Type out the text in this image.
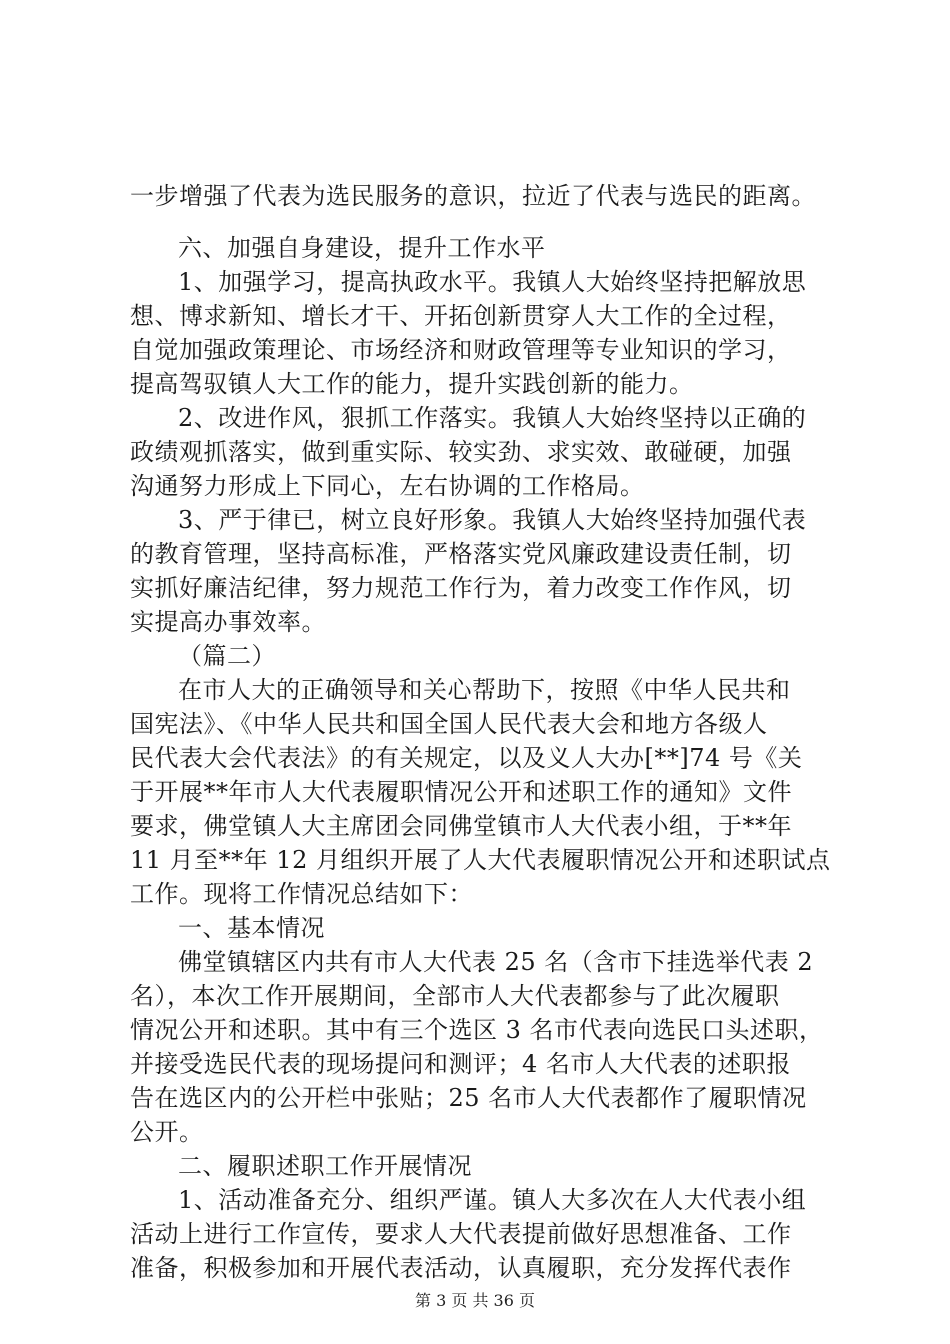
一步增强了代表为选民服务的意识，拉近了代表与选民的距离。
六、加强自身建设，提升工作水平
1、加强学习，提高执政水平。我镇人大始终坚持把解放思
想、博求新知、增长才干、开拓创新贯穿人大工作的全过程，
自觉加强政策理论、市场经济和财政管理等专业知识的学习，
提高驾驭镇人大工作的能力，提升实践创新的能力。
2、改进作风，狠抓工作落实。我镇人大始终坚持以正确的
政绩观抓落实，做到重实际、较实劲、求实效、敢碰硬，加强
沟通努力形成上下同心，左右协调的工作格局。
3、严于律已，树立良好形象。我镇人大始终坚持加强代表
的教育管理，坚持高标准，严格落实党风廉政建设责任制，切
实抓好廉洁纪律，努力规范工作行为，着力改变工作作风，切
实提高办事效率。
（篇二）
在市人大的正确领导和关心帮助下，按照《中华人民共和
国宪法》、《中华人民共和国全国人民代表大会和地方各级人
民代表大会代表法》的有关规定，以及义人大办[**]74 号《关
于开展**年市人大代表履职情况公开和述职工作的通知》文件
要求，佛堂镇人大主席团会同佛堂镇市人大代表小组，于**年
11 月至**年 12 月组织开展了人大代表履职情况公开和述职试点
工作。现将工作情况总结如下：
一、基本情况
佛堂镇辖区内共有市人大代表 25 名（含市下挂选举代表 2
名），本次工作开展期间，全部市人大代表都参与了此次履职
情况公开和述职。其中有三个选区 3 名市代表向选民口头述职，
并接受选民代表的现场提问和测评；4 名市人大代表的述职报
告在选区内的公开栏中张贴；25 名市人大代表都作了履职情况
公开。
二、履职述职工作开展情况
1、活动准备充分、组织严谨。镇人大多次在人大代表小组
活动上进行工作宣传，要求人大代表提前做好思想准备、工作
准备，积极参加和开展代表活动，认真履职，充分发挥代表作
第 3 页 共 36 页
